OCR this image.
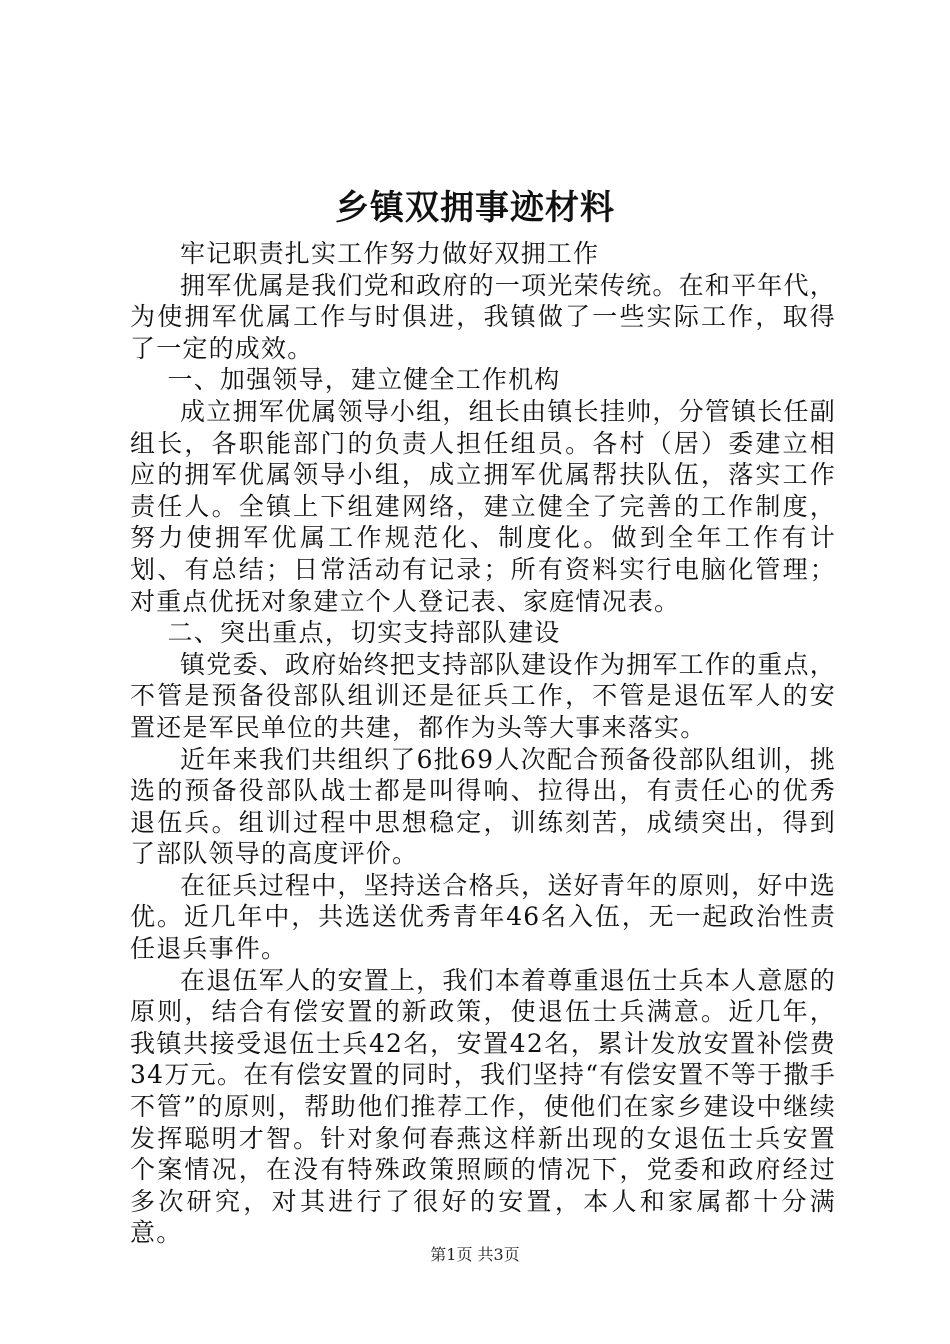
乡镇双拥事迹材料

牢记职责扎实工作努力做好双拥工作

拥军优属是我们党和政府的一项光荣传统。在和平年代，为使拥军优属工作与时俱进，我镇做了一些实际工作，取得了一定的成效。

一、加强领导，建立健全工作机构

成立拥军优属领导小组，组长由镇长挂帅，分管镇长任副组长，各职能部门的负责人担任组员。各村（居）委建立相应的拥军优属领导小组，成立拥军优属帮扶队伍，落实工作责任人。全镇上下组建网络，建立健全了完善的工作制度，努力使拥军优属工作规范化、制度化。做到全年工作有计划、有总结；日常活动有记录；所有资料实行电脑化管理；对重点优抚对象建立个人登记表、家庭情况表。

二、突出重点，切实支持部队建设

镇党委、政府始终把支持部队建设作为拥军工作的重点，不管是预备役部队组训还是征兵工作，不管是退伍军人的安置还是军民单位的共建，都作为头等大事来落实。

近年来我们共组织了6批69人次配合预备役部队组训，挑选的预备役部队战士都是叫得响、拉得出，有责任心的优秀退伍兵。组训过程中思想稳定，训练刻苦，成绩突出，得到了部队领导的高度评价。

在征兵过程中，坚持送合格兵，送好青年的原则，好中选优。近几年中，共选送优秀青年46名入伍，无一起政治性责任退兵事件。

在退伍军人的安置上，我们本着尊重退伍士兵本人意愿的原则，结合有偿安置的新政策，使退伍士兵满意。近几年，我镇共接受退伍士兵42名，安置42名，累计发放安置补偿费34万元。在有偿安置的同时，我们坚持“有偿安置不等于撒手不管”的原则，帮助他们推荐工作，使他们在家乡建设中继续发挥聪明才智。针对象何春燕这样新出现的女退伍士兵安置个案情况，在没有特殊政策照顾的情况下，党委和政府经过多次研究，对其进行了很好的安置，本人和家属都十分满意。

第1页 共3页
